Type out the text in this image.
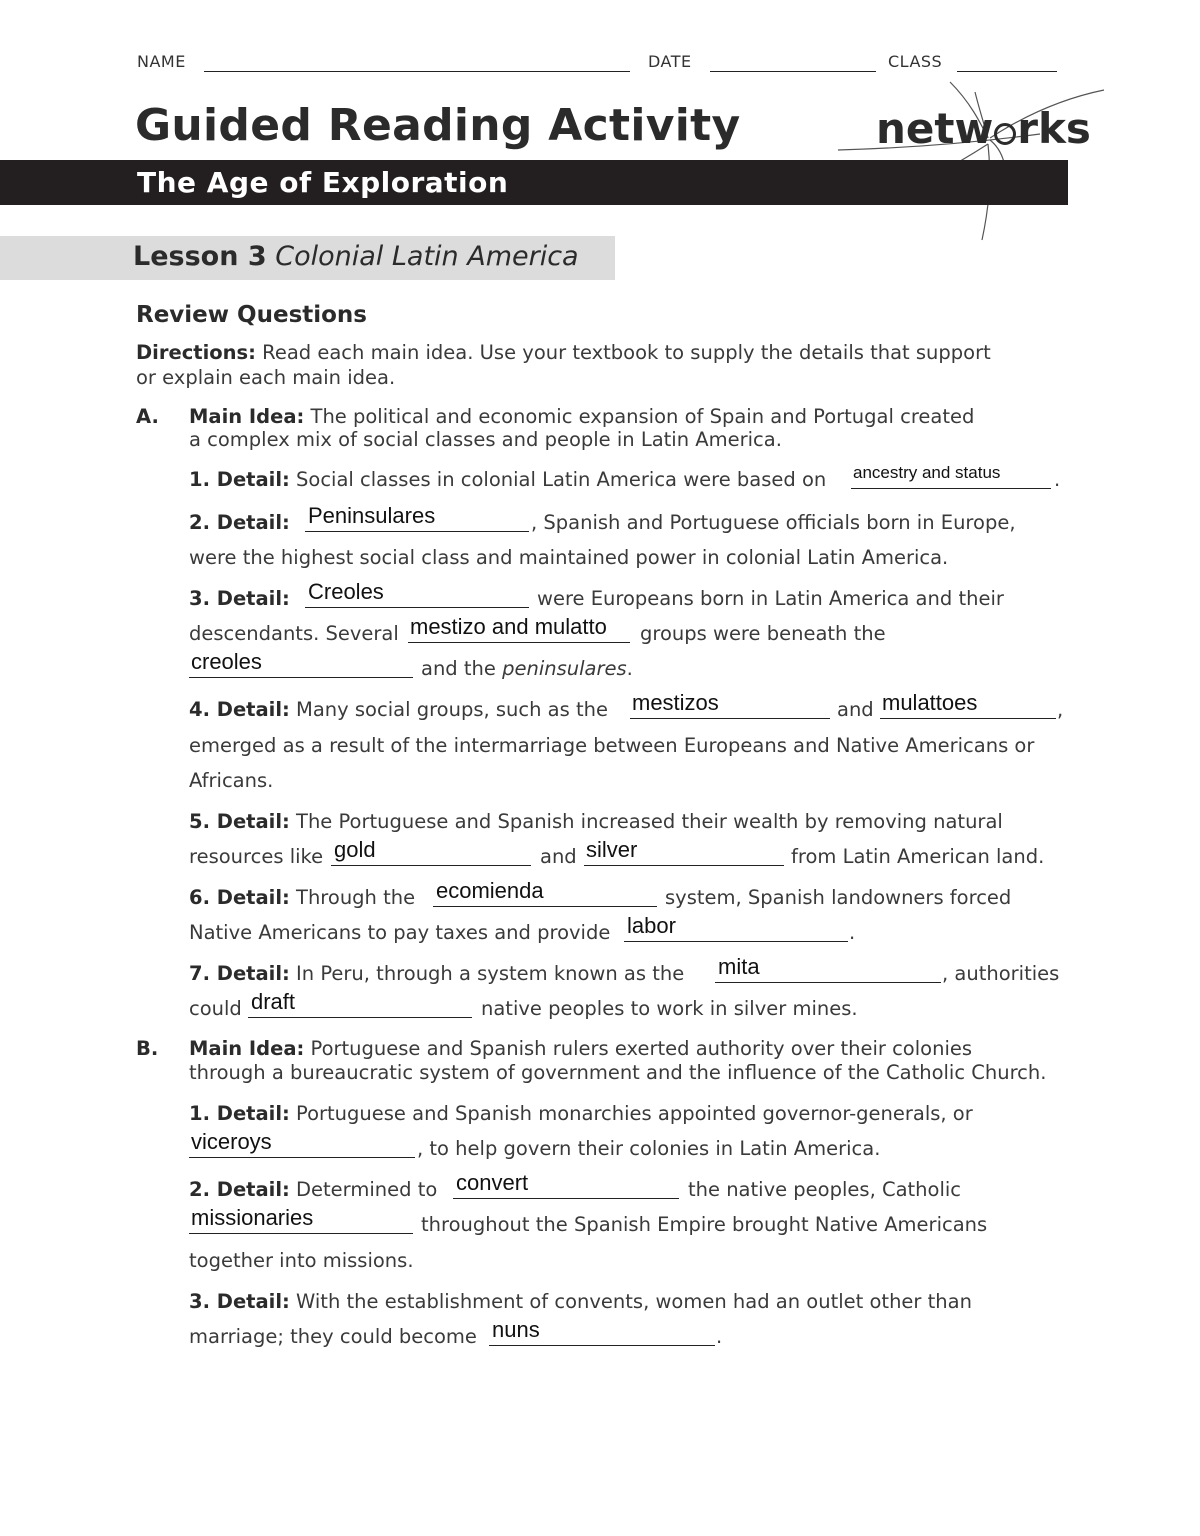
NAME	DATE	CLASS
Guided Reading Activity	netw rks
The Age of Exploration
Lesson 3 Colonial Latin America
Review Questions
Directions: Read each main idea. Use your textbook to supply the details that support
or explain each main idea.
A. Main Idea: The political and economic expansion of Spain and Portugal created
a complex mix of social classes and people in Latin America.
1. Detail: Social classes in colonial Latin America were based on ancestry and status	.
2. Detail: Peninsulares	, Spanish and Portuguese officials born in Europe,
were the highest social class and maintained power in colonial Latin America.
3. Detail: Creoles	were Europeans born in Latin America and their
descendants. Several mestizo and mulatto groups were beneath the
creoles	and the peninsulares.
4. Detail: Many social groups, such as the mestizos	and mulattoes	,
emerged as a result of the intermarriage between Europeans and Native Americans or
Africans.
5. Detail: The Portuguese and Spanish increased their wealth by removing natural
resources like gold	and silver	from Latin American land.
6. Detail: Through the ecomienda	system, Spanish landowners forced
Native Americans to pay taxes and provide labor	.
7. Detail: In Peru, through a system known as the mita	, authorities
could draft	native peoples to work in silver mines.
B. Main Idea: Portuguese and Spanish rulers exerted authority over their colonies
through a bureaucratic system of government and the influence of the Catholic Church.
1. Detail: Portuguese and Spanish monarchies appointed governor-generals, or
viceroys	, to help govern their colonies in Latin America.
2. Detail: Determined to convert	the native peoples, Catholic
missionaries	throughout the Spanish Empire brought Native Americans
together into missions.
3. Detail: With the establishment of convents, women had an outlet other than
marriage; they could become nuns	.
